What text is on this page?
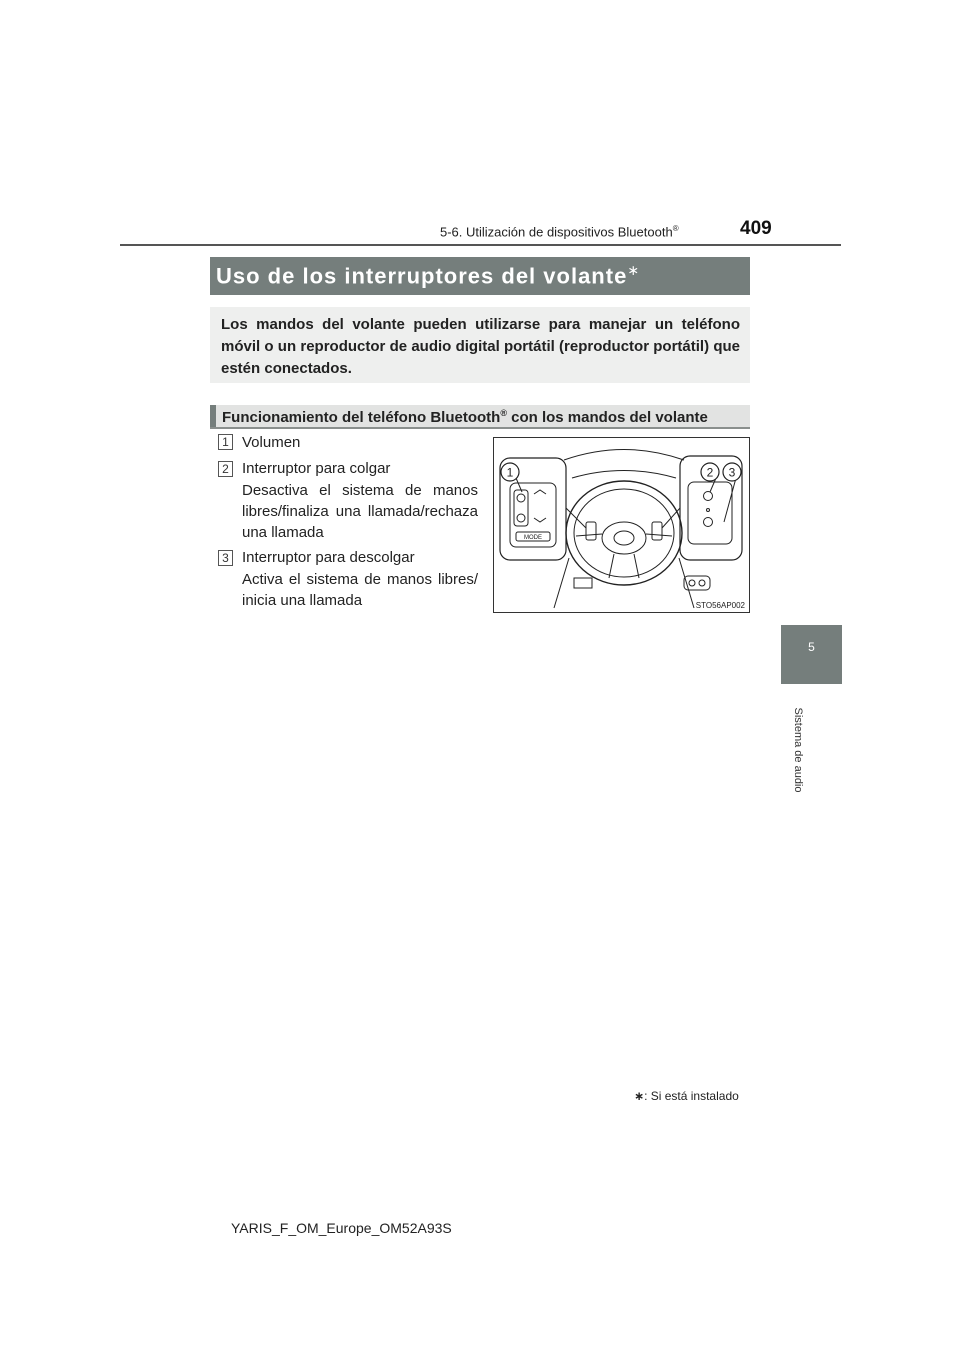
5-6. Utilización de dispositivos Bluetooth®	409
5
Sistema de audio
Uso de los interruptores del volante∗
Los mandos del volante pueden utilizarse para manejar un teléfono móvil o un reproductor de audio digital portátil (reproductor portátil) que estén conectados.
Funcionamiento del teléfono Bluetooth® con los mandos del volante
1 Volumen
2 Interruptor para colgar
Desactiva el sistema de manos libres/finaliza una llamada/rechaza una llamada
3 Interruptor para descolgar
Activa el sistema de manos libres/ inicia una llamada
1	2 3
MODE
STO56AP002
∗: Si está instalado
YARIS_F_OM_Europe_OM52A93S
